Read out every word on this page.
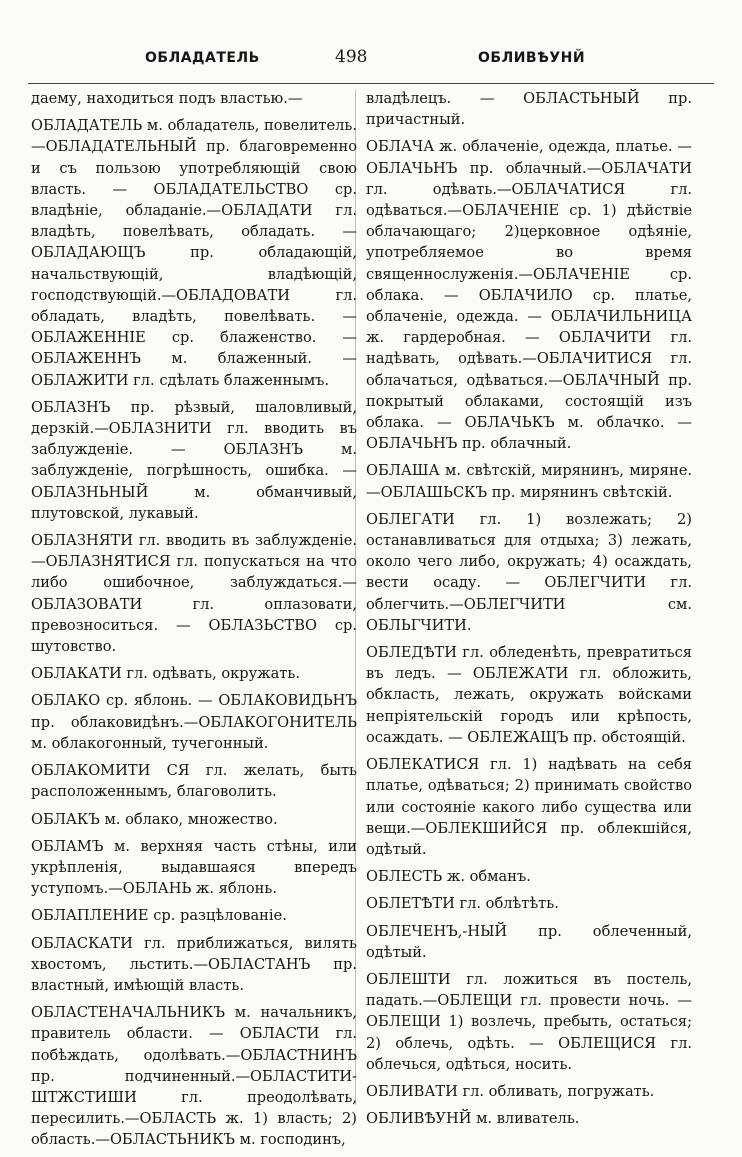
ОБЛАДАТЕЛЬ	498	ОБЛИВѢУНЙ

даему, находиться подъ властью.—

ОБЛАДАТЕЛЬ м. обладатель, повелитель.—ОБЛАДАТЕЛЬНЫЙ пр. благовременно и съ пользою употребляющій свою власть. — ОБЛАДАТЕЛЬСТВО ср. владѣніе, обладаніе.—ОБЛАДАТИ гл. владѣть, повелѣвать, обладать. — ОБЛАДАЮЩЪ пр. обладающій, начальствующій, владѣющій, господствующій.—ОБЛАДОВАТИ гл. обладать, владѣть, повелѣвать. — ОБЛАЖЕННІЕ ср. блаженство. — ОБЛАЖЕННЪ м. блаженный. — ОБЛАЖИТИ гл. сдѣлать блаженнымъ.

ОБЛАЗНЪ пр. рѣзвый, шаловливый, дерзкій.—ОБЛАЗНИТИ гл. вводить въ заблужденіе. — ОБЛАЗНЪ м. заблужденіе, погрѣшность, ошибка. — ОБЛАЗНЬНЫЙ м. обманчивый, плутовской, лукавый.

ОБЛАЗНЯТИ гл. вводить въ заблужденіе.—ОБЛАЗНЯТИСЯ гл. попускаться на что либо ошибочное, заблуждаться.—ОБЛАЗОВАТИ гл. оплазовати, превозноситься. — ОБЛАЗЬСТВО ср. шутовство.

ОБЛАКАТИ гл. одѣвать, окружать.

ОБЛАКО ср. яблонь. — ОБЛАКОВИДЬНЪ пр. облаковидѣнъ.—ОБЛАКОГОНИТЕЛЬ м. облакогонный, тучегонный.

ОБЛАКОМИТИ СЯ гл. желать, быть расположеннымъ, благоволить.

ОБЛАКЪ м. облако, множество.

ОБЛАМЪ м. верхняя часть стѣны, или укрѣпленія, выдавшаяся впередъ уступомъ.—ОБЛАНЬ ж. яблонь.

ОБЛАПЛЕНИЕ ср. разцѣлованіе.

ОБЛАСКАТИ гл. приближаться, вилять хвостомъ, льстить.—ОБЛАСТАНЪ пр. властный, имѣющій власть.

ОБЛАСТЕНАЧАЛЬНИКЪ м. начальникъ, правитель области. — ОБЛАСТИ гл. побѣждать, одолѣвать.—ОБЛАСТНИНЪ пр. подчиненный.—ОБЛАСТИТИ-ШТЖСТИШИ гл. преодолѣвать, пересилить.—ОБЛАСТЬ ж. 1) власть; 2) область.—ОБЛАСТЬНИКЪ м. господинъ,

владѣлецъ. — ОБЛАСТЬНЫЙ пр. причастный.

ОБЛАЧА ж. облаченіе, одежда, платье. —ОБЛАЧЬНЪ пр. облачный.—ОБЛАЧАТИ гл. одѣвать.—ОБЛАЧАТИСЯ гл. одѣваться.—ОБЛАЧЕНІЕ ср. 1) дѣйствіе облачающаго; 2)церковное одѣяніе, употребляемое во время священнослуженія.—ОБЛАЧЕНІЕ ср. облака. — ОБЛАЧИЛО ср. платье, облаченіе, одежда. — ОБЛАЧИЛЬНИЦА ж. гардеробная. — ОБЛАЧИТИ гл. надѣвать, одѣвать.—ОБЛАЧИТИСЯ гл. облачаться, одѣваться.—ОБЛАЧНЫЙ пр. покрытый облаками, состоящій изъ облака. — ОБЛАЧЬКЪ м. облачко. — ОБЛАЧЬНЪ пр. облачный.

ОБЛАША м. свѣтскій, мирянинъ, миряне.—ОБЛАШЬСКЪ пр. мирянинъ свѣтскій.

ОБЛЕГАТИ гл. 1) возлежать; 2) останавливаться для отдыха; 3) лежать, около чего либо, окружать; 4) осаждать, вести осаду. — ОБЛЕГЧИТИ гл. облегчить.—ОБЛЕГЧИТИ см. ОБЛЬГЧИТИ.

ОБЛЕДѢТИ гл. обледенѣть, превратиться въ ледъ. — ОБЛЕЖАТИ гл. обложить, обкласть, лежать, окружать войсками непріятельскій городъ или крѣпость, осаждать. — ОБЛЕЖАЩЪ пр. обстоящій.

ОБЛЕКАТИСЯ гл. 1) надѣвать на себя платье, одѣваться; 2) принимать свойство или состояніе какого либо существа или вещи.—ОБЛЕКШИЙСЯ пр. облекшійся, одѣтый.

ОБЛЕСТЬ ж. обманъ.

ОБЛЕТѢТИ гл. облѣтѣть.

ОБЛЕЧЕНЪ,-НЫЙ пр. облеченный, одѣтый.

ОБЛЕШТИ гл. ложиться въ постель, падать.—ОБЛЕЩИ гл. провести ночь. — ОБЛЕЩИ 1) возлечь, пребыть, остаться; 2) облечь, одѣть. — ОБЛЕЩИСЯ гл. облечься, одѣться, носить.

ОБЛИВАТИ гл. обливать, погружать.

ОБЛИВѢУНЙ м. вливатель.
